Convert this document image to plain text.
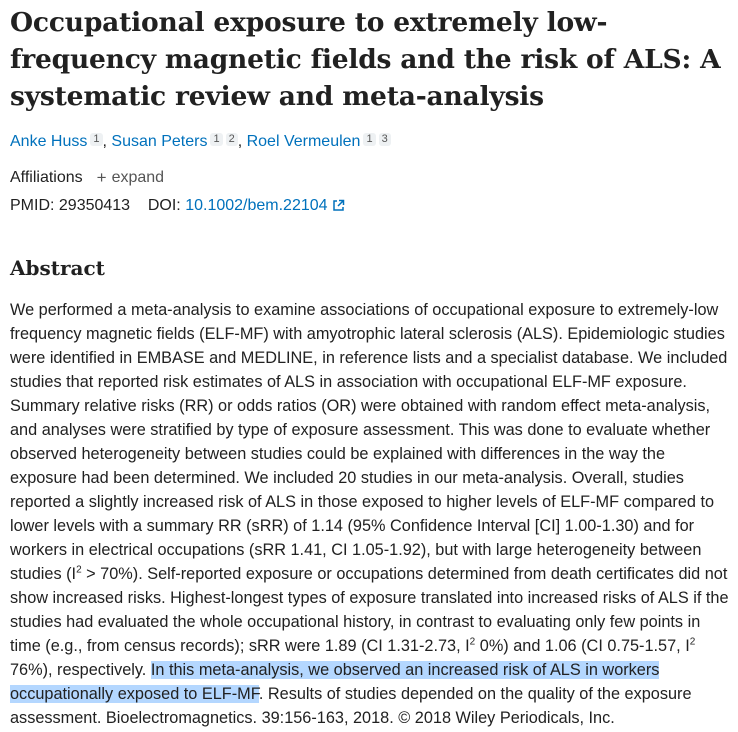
Occupational exposure to extremely low-frequency magnetic fields and the risk of ALS: A systematic review and meta-analysis
Anke Huss 1 , Susan Peters 1 2 , Roel Vermeulen 1 3
Affiliations + expand
PMID: 29350413 DOI: 10.1002/bem.22104
Abstract
We performed a meta-analysis to examine associations of occupational exposure to extremely-low frequency magnetic fields (ELF-MF) with amyotrophic lateral sclerosis (ALS). Epidemiologic studies were identified in EMBASE and MEDLINE, in reference lists and a specialist database. We included studies that reported risk estimates of ALS in association with occupational ELF-MF exposure. Summary relative risks (RR) or odds ratios (OR) were obtained with random effect meta-analysis, and analyses were stratified by type of exposure assessment. This was done to evaluate whether observed heterogeneity between studies could be explained with differences in the way the exposure had been determined. We included 20 studies in our meta-analysis. Overall, studies reported a slightly increased risk of ALS in those exposed to higher levels of ELF-MF compared to lower levels with a summary RR (sRR) of 1.14 (95% Confidence Interval [CI] 1.00-1.30) and for workers in electrical occupations (sRR 1.41, CI 1.05-1.92), but with large heterogeneity between studies $(I^2 > 70\%)$. Self-reported exposure or occupations determined from death certificates did not show increased risks. Highest-longest types of exposure translated into increased risks of ALS if the studies had evaluated the whole occupational history, in contrast to evaluating only few points in time (e.g., from census records); sRR were 1.89 (CI 1.31-2.73, $I^2$ 0%) and 1.06 (CI 0.75-1.57, $I^2$ 76%), respectively. In this meta-analysis, we observed an increased risk of ALS in workers occupationally exposed to ELF-MF. Results of studies depended on the quality of the exposure assessment. Bioelectromagnetics. 39:156-163, 2018. © 2018 Wiley Periodicals, Inc.
